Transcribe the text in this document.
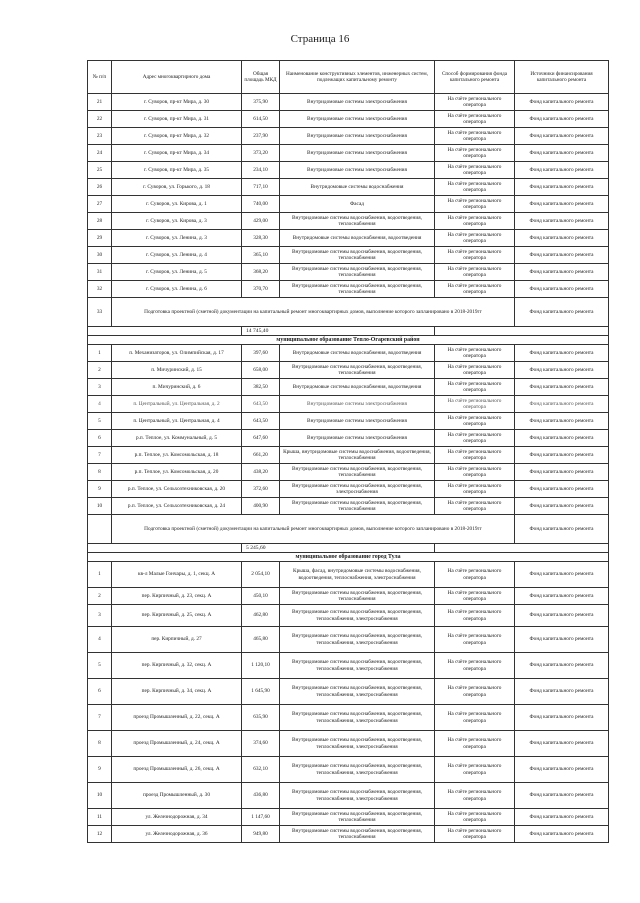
Страница 16
№ п/п	Адрес многоквартирного дома	Общая площадь МКД	Наименование конструктивных элементов, инженерных систем, подлежащих капитальному ремонту	Способ формирования фонда капитального ремонта	Источники финансирования капитального ремонта
21	г. Суворов, пр-кт Мира, д. 30	375,90	Внутридомовые системы электроснабжения	На счёте регионального оператора	Фонд капитального ремонта
22	г. Суворов, пр-кт Мира, д. 31	614,50	Внутридомовые системы электроснабжения	На счёте регионального оператора	Фонд капитального ремонта
23	г. Суворов, пр-кт Мира, д. 32	237,90	Внутридомовые системы электроснабжения	На счёте регионального оператора	Фонд капитального ремонта
24	г. Суворов, пр-кт Мира, д. 34	373,20	Внутридомовые системы электроснабжения	На счёте регионального оператора	Фонд капитального ремонта
25	г. Суворов, пр-кт Мира, д. 35	234,10	Внутридомовые системы электроснабжения	На счёте регионального оператора	Фонд капитального ремонта
26	г. Суворов, ул. Горького, д. 18	717,10	Внутридомовые системы водоснабжения	На счёте регионального оператора	Фонд капитального ремонта
27	г. Суворов, ул. Кирова, д. 1	740,00	Фасад	На счёте регионального оператора	Фонд капитального ремонта
28	г. Суворов, ул. Кирова, д. 3	429,00	Внутридомовые системы водоснабжения, водоотведения, теплоснабжения	На счёте регионального оператора	Фонд капитального ремонта
29	г. Суворов, ул. Ленина, д. 3	328,30	Внутридомовые системы водоснабжения, водоотведения	На счёте регионального оператора	Фонд капитального ремонта
30	г. Суворов, ул. Ленина, д. 4	365,10	Внутридомовые системы водоснабжения, водоотведения, теплоснабжения	На счёте регионального оператора	Фонд капитального ремонта
31	г. Суворов, ул. Ленина, д. 5	368,20	Внутридомовые системы водоснабжения, водоотведения, теплоснабжения	На счёте регионального оператора	Фонд капитального ремонта
32	г. Суворов, ул. Ленина, д. 6	370,70	Внутридомовые системы водоснабжения, водоотведения, теплоснабжения	На счёте регионального оператора	Фонд капитального ремонта
33	Подготовка проектной (сметной) документации на капитальный ремонт многоквартирных домов, выполнение которого запланировано в 2018-2019гг				Фонд капитального ремонта
		14 745,40			
муниципальное образование Тепло-Огаревский район					
1	п. Механизаторов, ул. Олимпийская, д. 17	397,60	Внутридомовые системы водоснабжения, водоотведения	На счёте регионального оператора	Фонд капитального ремонта
2	п. Мичуринский, д. 15	658,00	Внутридомовые системы водоснабжения, водоотведения, теплоснабжения	На счёте регионального оператора	Фонд капитального ремонта
3	п. Мичуринский, д. 6	382,50	Внутридомовые системы водоснабжения, водоотведения	На счёте регионального оператора	Фонд капитального ремонта
4	п. Центральный, ул. Центральная, д. 2	643,50	Внутридомовые системы электроснабжения	На счёте регионального оператора	Фонд капитального ремонта
5	п. Центральный, ул. Центральная, д. 4	643,50	Внутридомовые системы электроснабжения	На счёте регионального оператора	Фонд капитального ремонта
6	р.п. Теплое, ул. Коммунальный, д. 5	647,60	Внутридомовые системы электроснабжения	На счёте регионального оператора	Фонд капитального ремонта
7	р.п. Теплое, ул. Комсомольская, д. 18	661,20	Крыша, внутридомовые системы водоснабжения, водоотведения, теплоснабжения	На счёте регионального оператора	Фонд капитального ремонта
8	р.п. Теплое, ул. Комсомольская, д. 20	438,20	Внутридомовые системы водоснабжения, водоотведения, теплоснабжения	На счёте регионального оператора	Фонд капитального ремонта
9	р.п. Теплое, ул. Сельхозтехниковская, д. 20	372,60	Внутридомовые системы водоснабжения, водоотведения, электроснабжения	На счёте регионального оператора	Фонд капитального ремонта
10	р.п. Теплое, ул. Сельхозтехниковская, д. 24	400,90	Внутридомовые системы водоснабжения, водоотведения, теплоснабжения	На счёте регионального оператора	Фонд капитального ремонта
	Подготовка проектной (сметной) документации на капитальный ремонт многоквартирных домов, выполнение которого запланировано в 2018-2019гг				Фонд капитального ремонта
		5 245,60			
муниципальное образование город Тула					
1	кв-л Малые Гончары, д. 1, секц. А	2 054,10	Крыша, фасад, внутридомовые системы водоснабжения, водоотведения, теплоснабжения, электроснабжения	На счёте регионального оператора	Фонд капитального ремонта
2	пер. Кирпичный, д. 23, секц. А	450,10	Внутридомовые системы водоснабжения, водоотведения, теплоснабжения	На счёте регионального оператора	Фонд капитального ремонта
3	пер. Кирпичный, д. 25, секц. А	462,80	Внутридомовые системы водоснабжения, водоотведения, теплоснабжения, электроснабжения	На счёте регионального оператора	Фонд капитального ремонта
4	пер. Кирпичный, д. 27	465,80	Внутридомовые системы водоснабжения, водоотведения, теплоснабжения, электроснабжения	На счёте регионального оператора	Фонд капитального ремонта
5	пер. Кирпичный, д. 32, секц. А	1 120,10	Внутридомовые системы водоснабжения, водоотведения, теплоснабжения, электроснабжения	На счёте регионального оператора	Фонд капитального ремонта
6	пер. Кирпичный, д. 34, секц. А	1 645,90	Внутридомовые системы водоснабжения, водоотведения, теплоснабжения, электроснабжения	На счёте регионального оператора	Фонд капитального ремонта
7	проезд Промышленный, д. 22, секц. А	635,90	Внутридомовые системы водоснабжения, водоотведения, теплоснабжения, электроснабжения	На счёте регионального оператора	Фонд капитального ремонта
8	проезд Промышленный, д. 24, секц. А	374,60	Внутридомовые системы водоснабжения, водоотведения, теплоснабжения, электроснабжения	На счёте регионального оператора	Фонд капитального ремонта
9	проезд Промышленный, д. 26, секц. А	632,10	Внутридомовые системы водоснабжения, водоотведения, теплоснабжения, электроснабжения	На счёте регионального оператора	Фонд капитального ремонта
10	проезд Промышленный, д. 30	436,80	Внутридомовые системы водоснабжения, водоотведения, теплоснабжения, электроснабжения	На счёте регионального оператора	Фонд капитального ремонта
11	ул. Железнодорожная, д. 34	1 147,60	Внутридомовые системы водоснабжения, водоотведения, теплоснабжения	На счёте регионального оператора	Фонд капитального ремонта
12	ул. Железнодорожная, д. 36	949,80	Внутридомовые системы водоснабжения, водоотведения, теплоснабжения	На счёте регионального оператора	Фонд капитального ремонта
